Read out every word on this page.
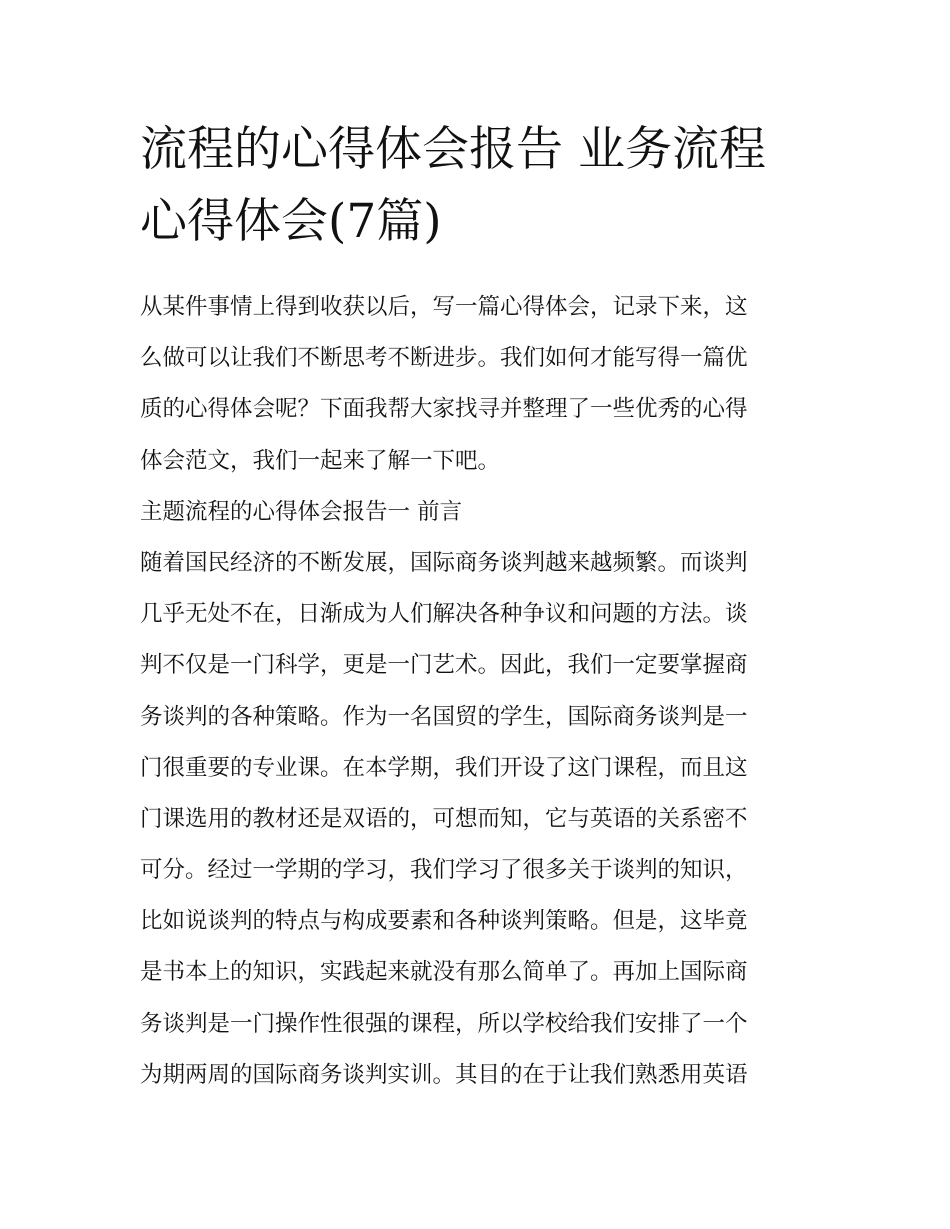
流程的心得体会报告 业务流程
心得体会(7篇)
从某件事情上得到收获以后，写一篇心得体会，记录下来，这
么做可以让我们不断思考不断进步。我们如何才能写得一篇优
质的心得体会呢？下面我帮大家找寻并整理了一些优秀的心得
体会范文，我们一起来了解一下吧。
主题流程的心得体会报告一 前言
随着国民经济的不断发展，国际商务谈判越来越频繁。而谈判
几乎无处不在，日渐成为人们解决各种争议和问题的方法。谈
判不仅是一门科学，更是一门艺术。因此，我们一定要掌握商
务谈判的各种策略。作为一名国贸的学生，国际商务谈判是一
门很重要的专业课。在本学期，我们开设了这门课程，而且这
门课选用的教材还是双语的，可想而知，它与英语的关系密不
可分。经过一学期的学习，我们学习了很多关于谈判的知识，
比如说谈判的特点与构成要素和各种谈判策略。但是，这毕竟
是书本上的知识，实践起来就没有那么简单了。再加上国际商
务谈判是一门操作性很强的课程，所以学校给我们安排了一个
为期两周的国际商务谈判实训。其目的在于让我们熟悉用英语
